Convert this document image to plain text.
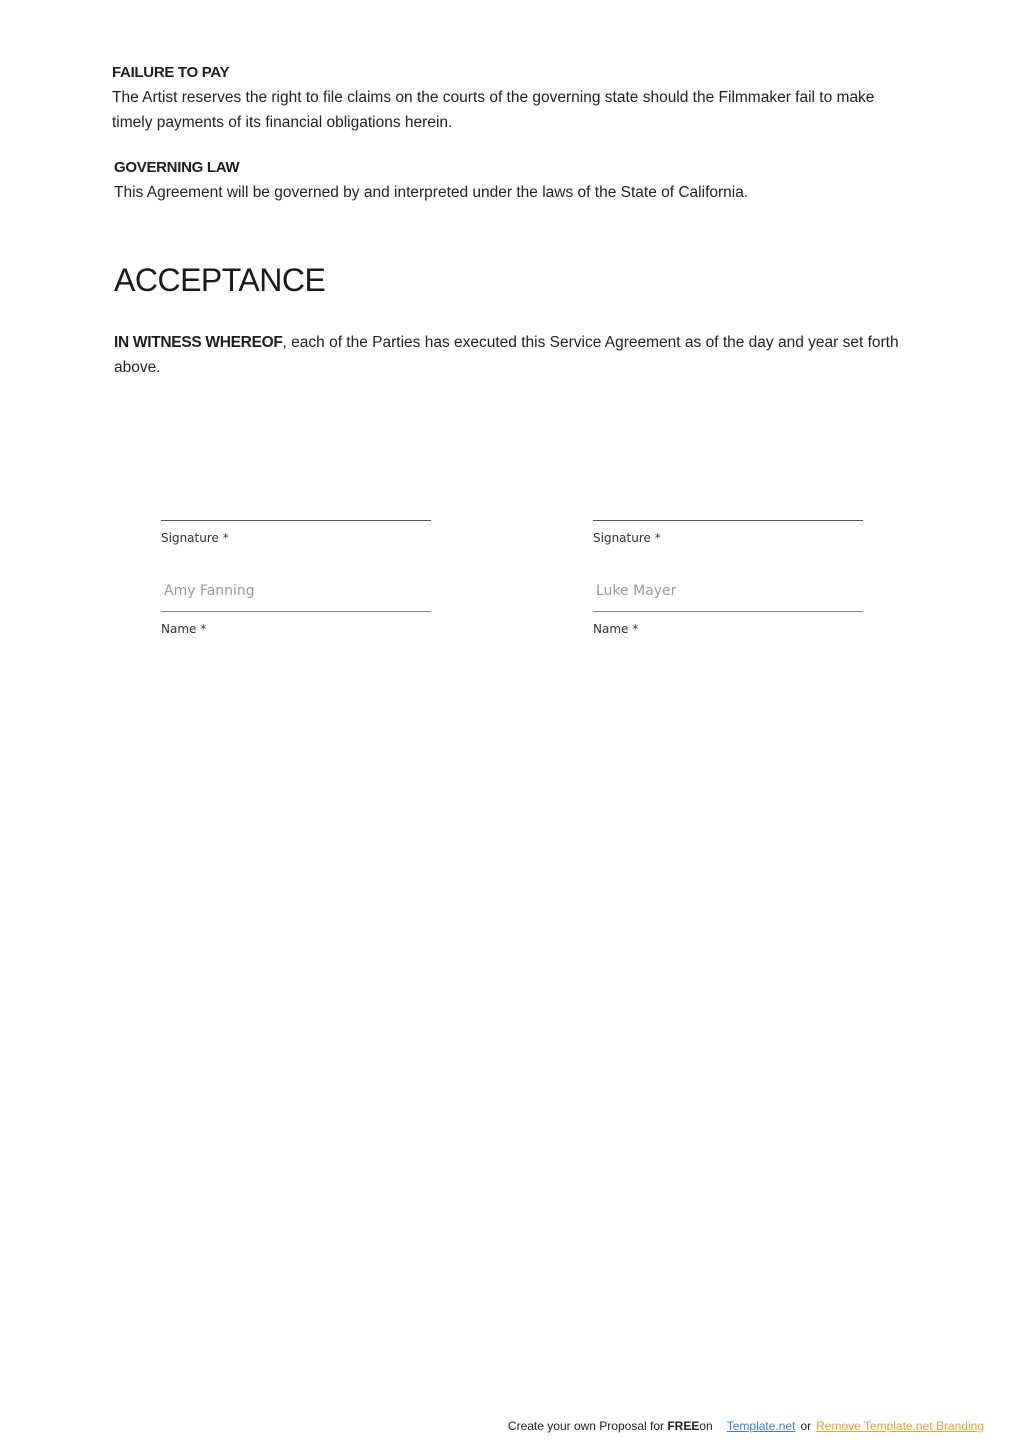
FAILURE TO PAY
The Artist reserves the right to file claims on the courts of the governing state should the Filmmaker fail to make timely payments of its financial obligations herein.
GOVERNING LAW
This Agreement will be governed by and interpreted under the laws of the State of California.
ACCEPTANCE
IN WITNESS WHEREOF, each of the Parties has executed this Service Agreement as of the day and year set forth above.
Signature *
Amy Fanning
Name *
Signature *
Luke Mayer
Name *
Create your own Proposal for FREEon Template.net or Remove Template.net Branding
